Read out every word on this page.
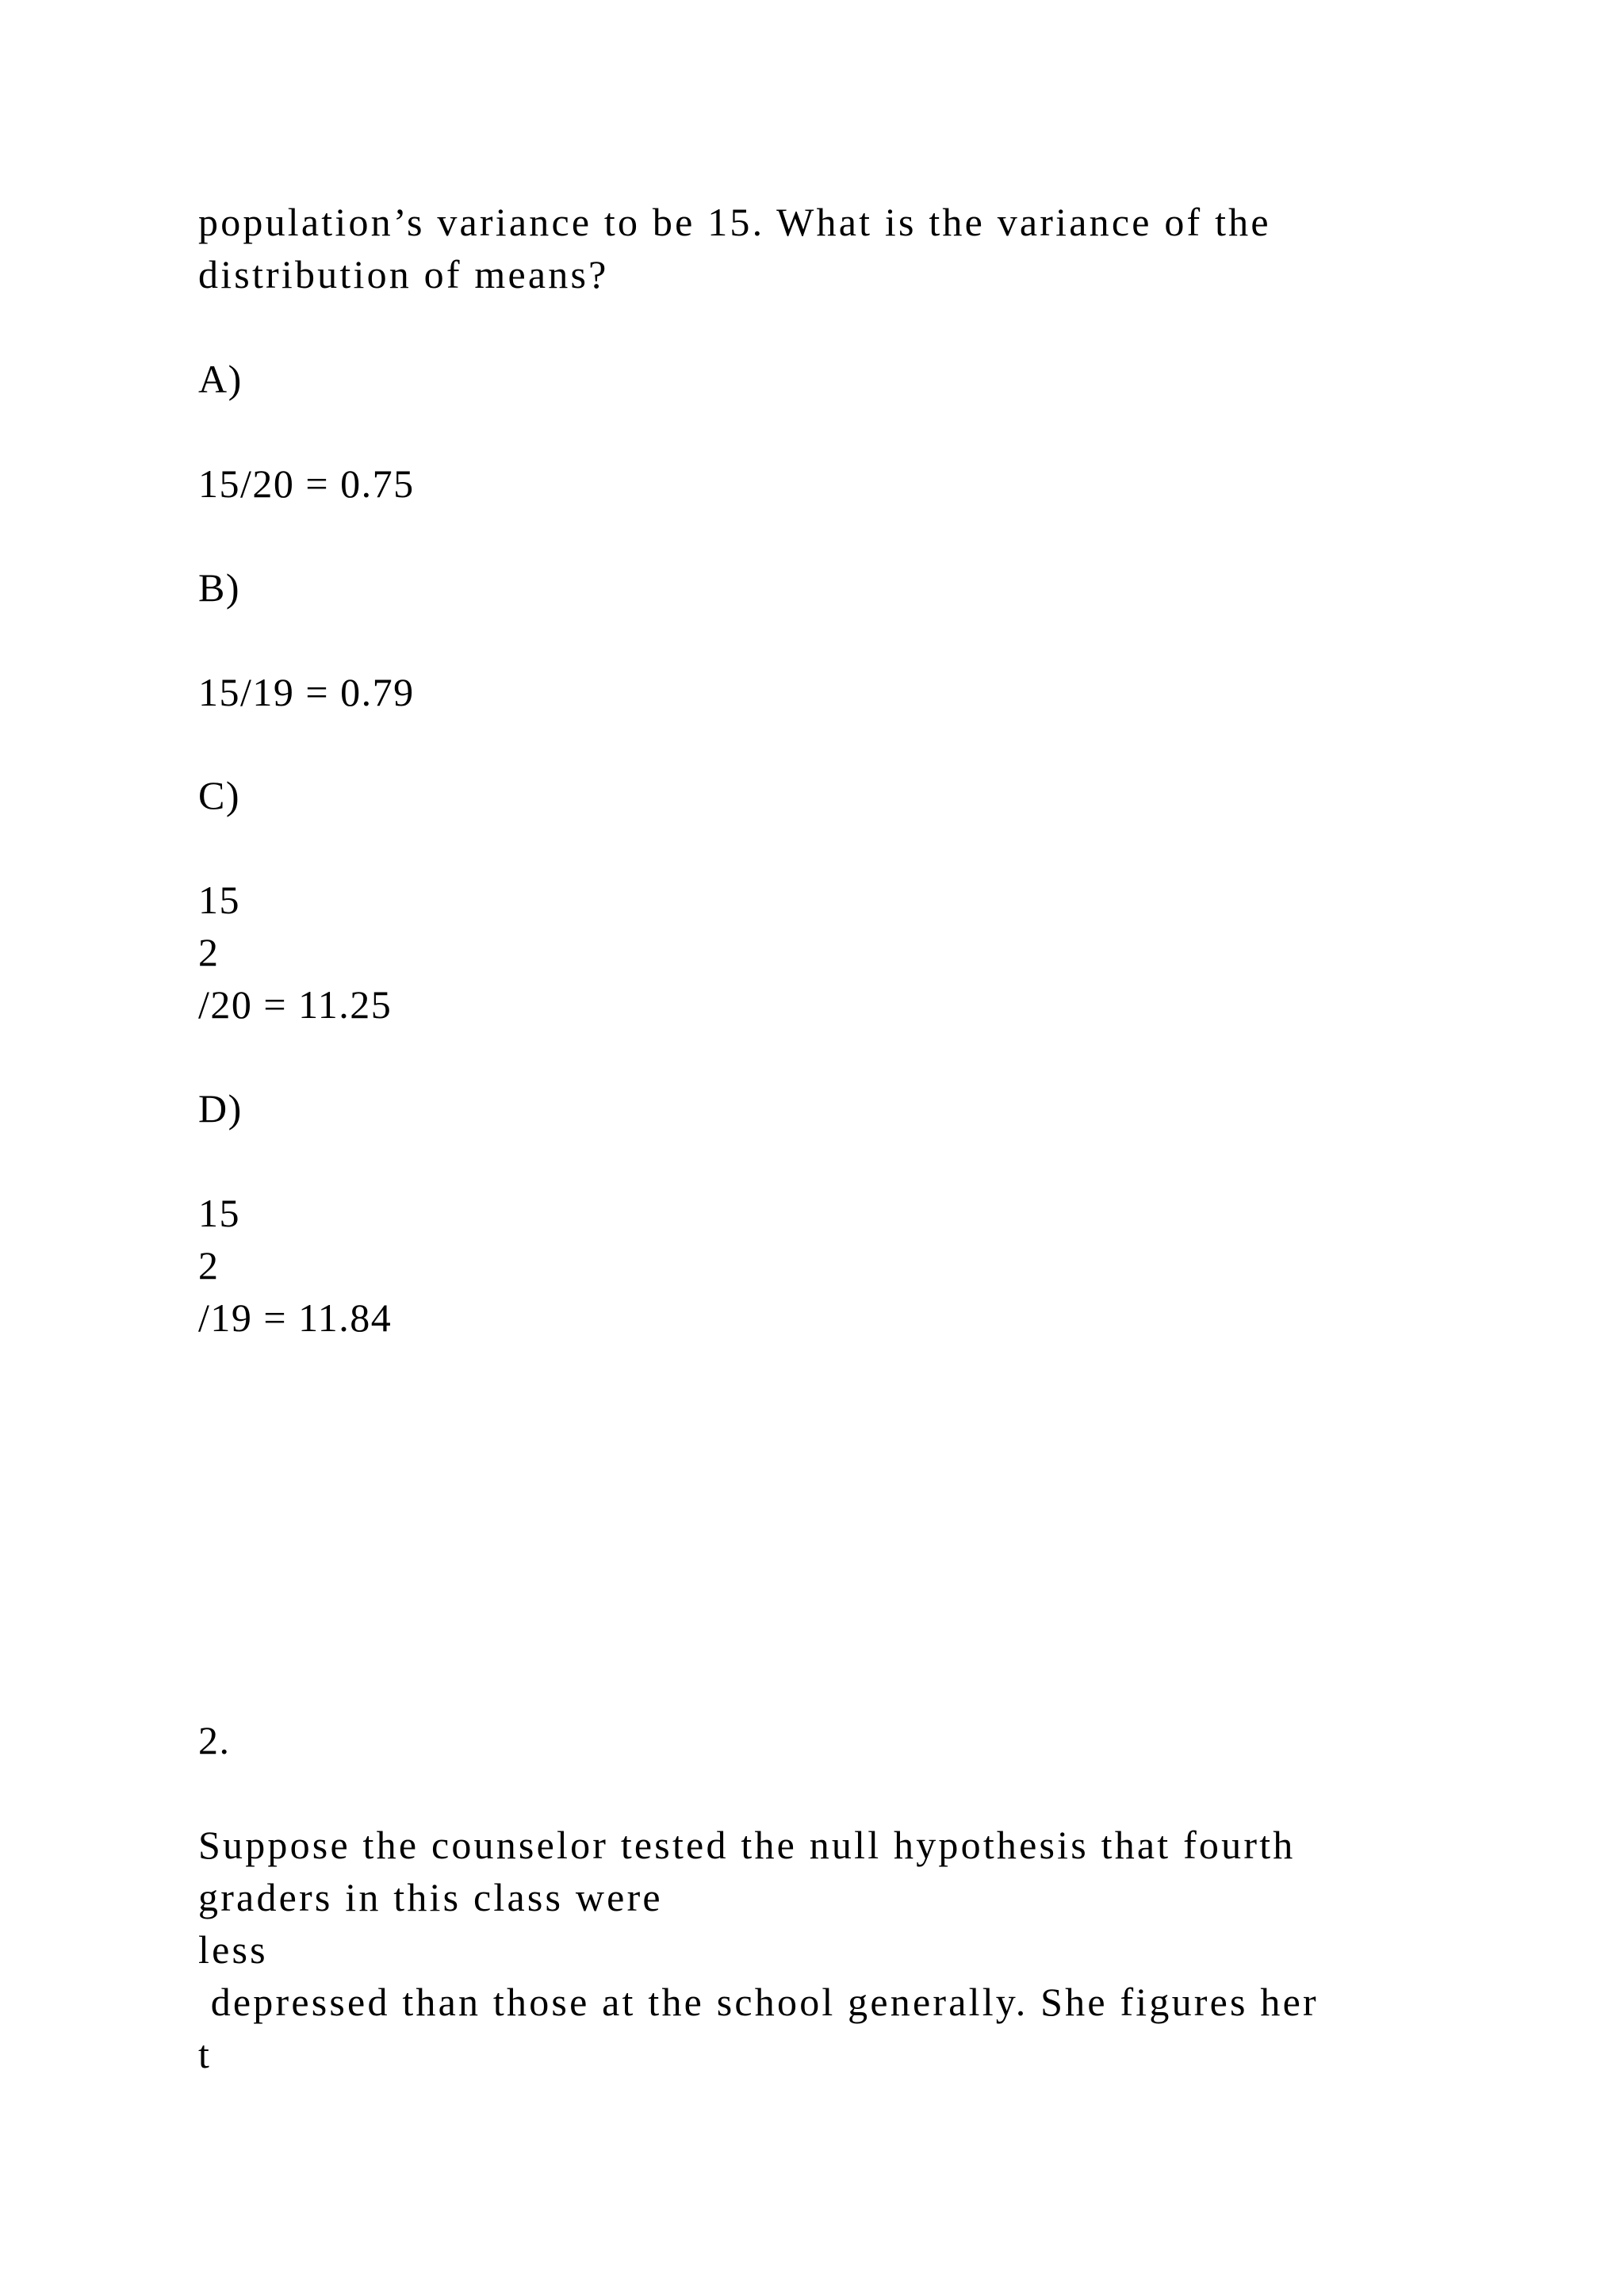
population’s variance to be 15. What is the variance of the
distribution of means?
A)
15/20 = 0.75
B)
15/19 = 0.79
C)
15
2
/20 = 11.25
D)
15
2
/19 = 11.84
2.
Suppose the counselor tested the null hypothesis that fourth
graders in this class were
less
depressed than those at the school generally. She figures her
t
